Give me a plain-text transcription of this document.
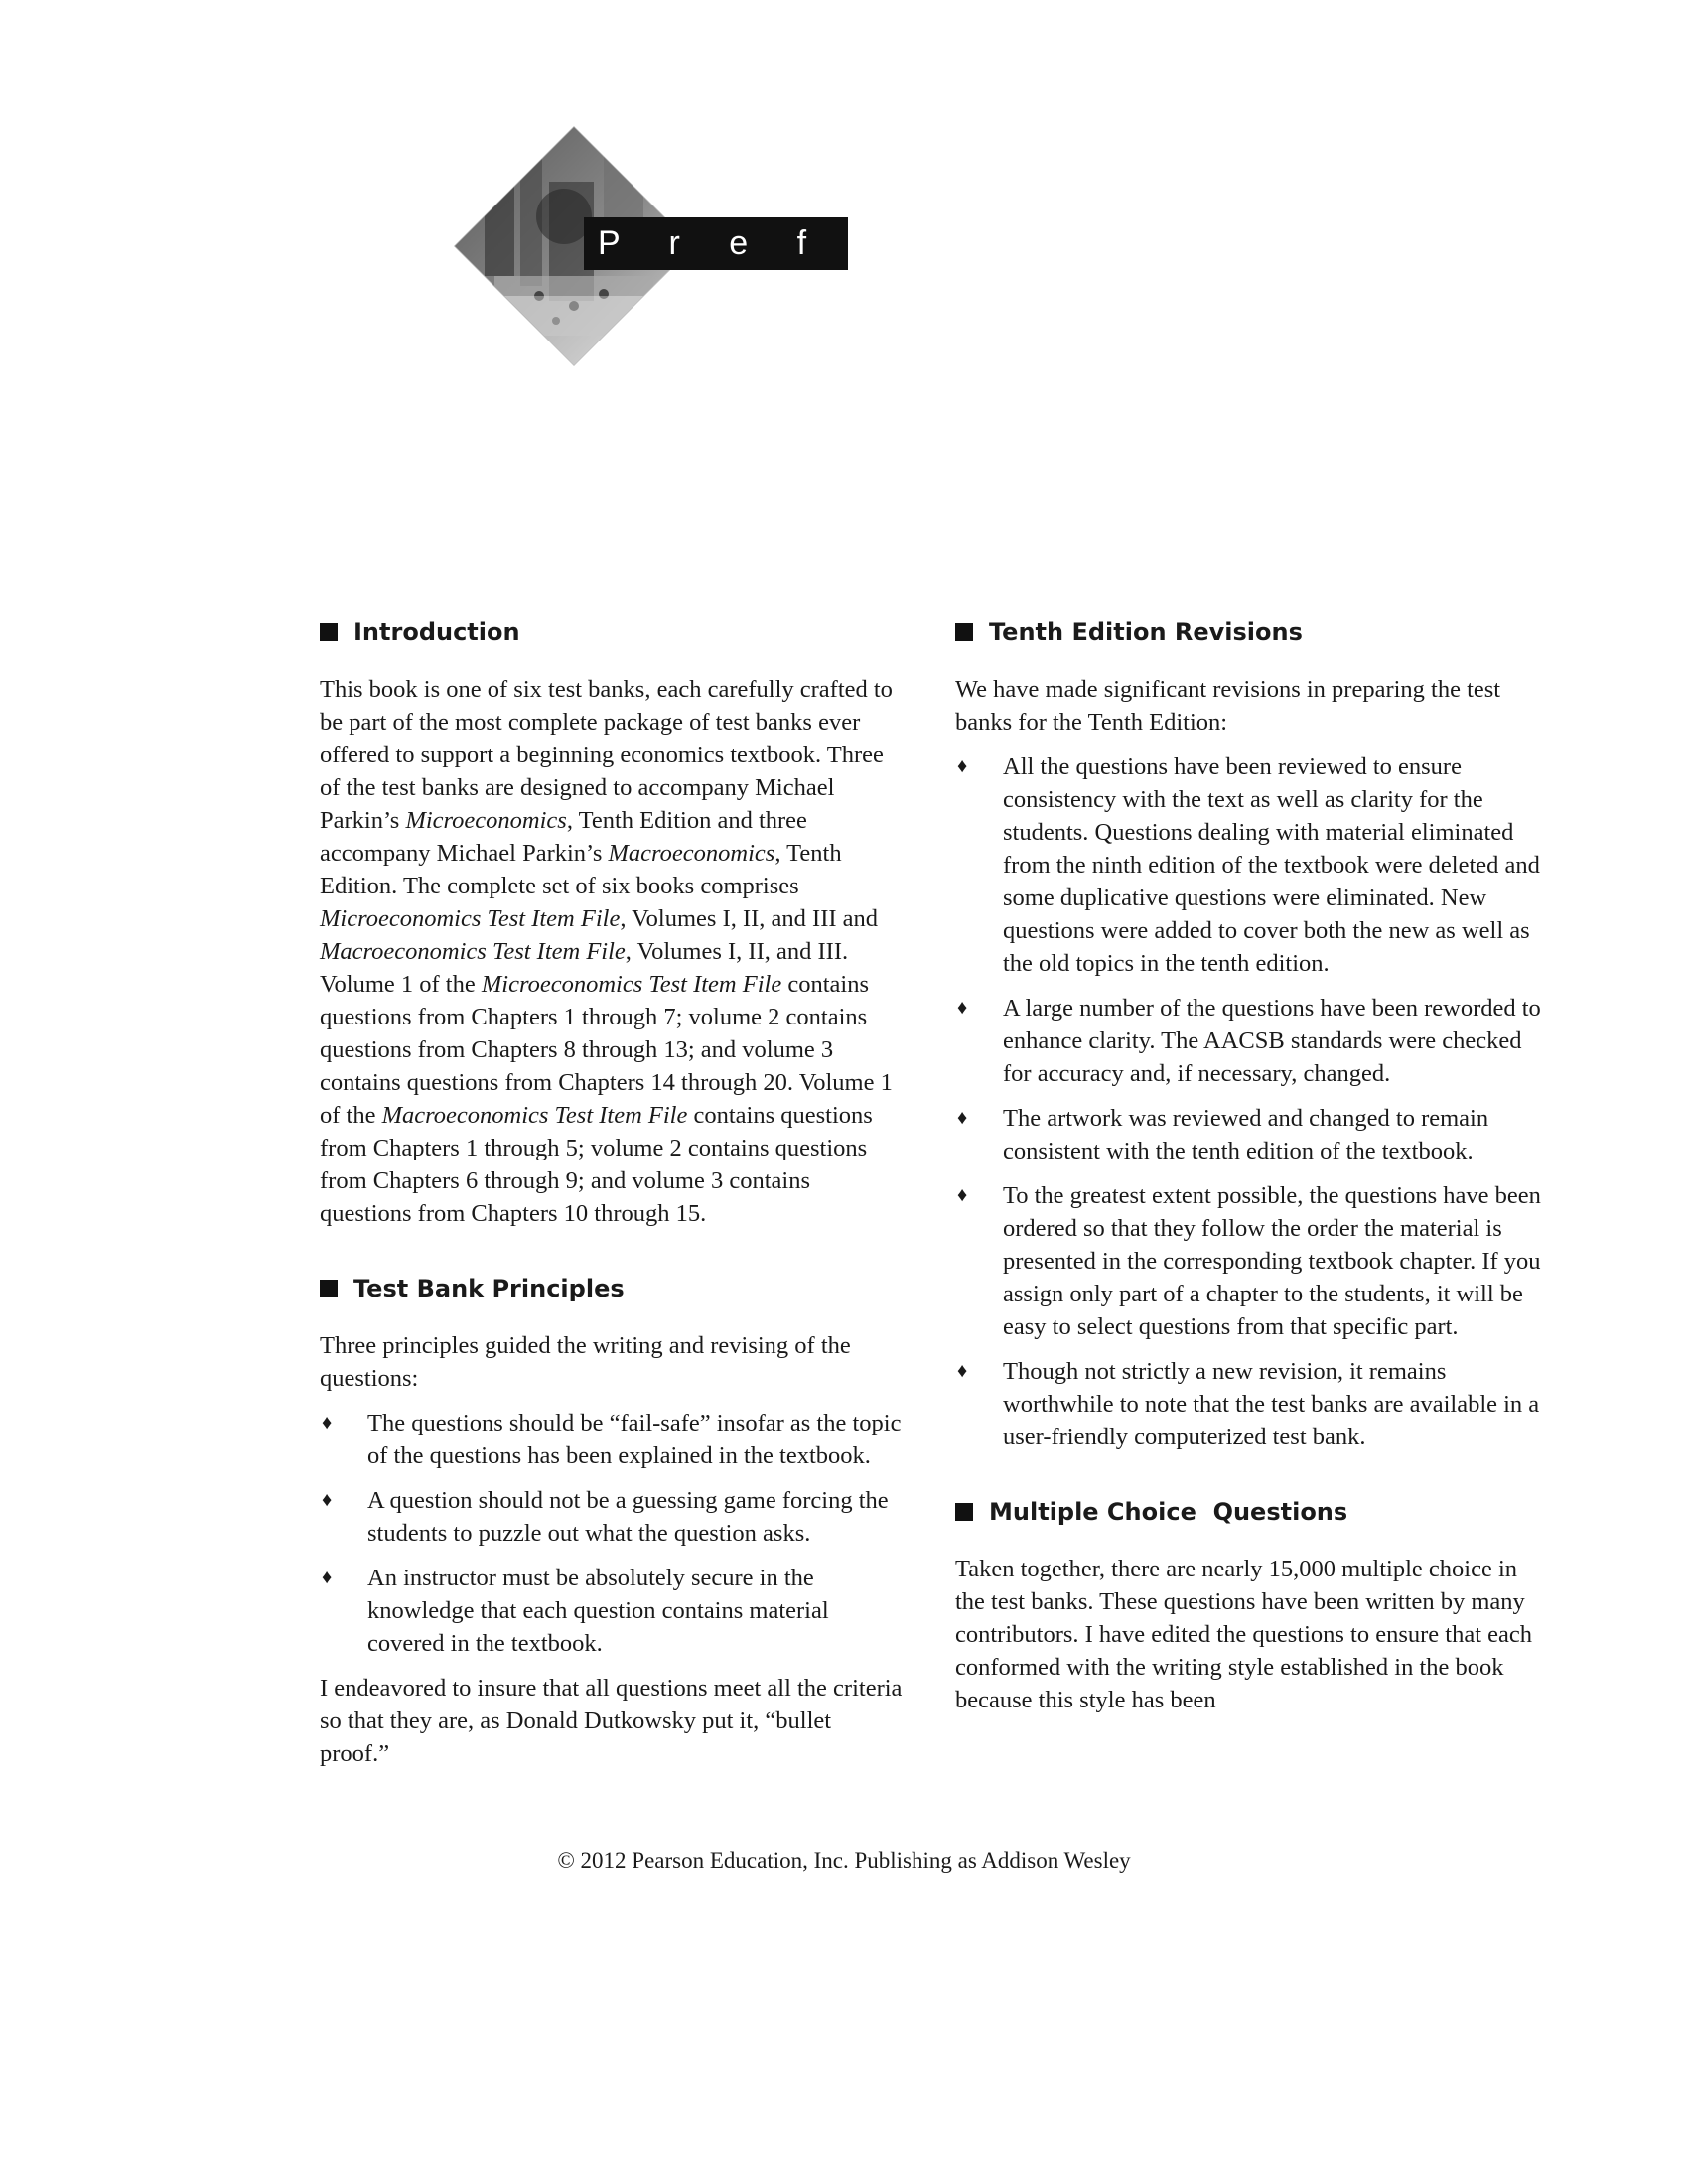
P r e f a c e
Introduction

This book is one of six test banks, each carefully crafted to be part of the most complete package of test banks ever offered to support a beginning economics textbook. Three of the test banks are designed to accompany Michael Parkin’s Microeconomics, Tenth Edition and three accompany Michael Parkin’s Macroeconomics, Tenth Edition. The complete set of six books comprises Microeconomics Test Item File, Volumes I, II, and III and Macroeconomics Test Item File, Volumes I, II, and III. Volume 1 of the Microeconomics Test Item File contains questions from Chapters 1 through 7; volume 2 contains questions from Chapters 8 through 13; and volume 3 contains questions from Chapters 14 through 20. Volume 1 of the Macroeconomics Test Item File contains questions from Chapters 1 through 5; volume 2 contains questions from Chapters 6 through 9; and volume 3 contains questions from Chapters 10 through 15.

Test Bank Principles

Three principles guided the writing and revising of the questions:

♦ The questions should be “fail-safe” insofar as the topic of the questions has been explained in the textbook.
♦ A question should not be a guessing game forcing the students to puzzle out what the question asks.
♦ An instructor must be absolutely secure in the knowledge that each question contains material covered in the textbook.

I endeavored to insure that all questions meet all the criteria so that they are, as Donald Dutkowsky put it, “bullet proof.”

Tenth Edition Revisions

We have made significant revisions in preparing the test banks for the Tenth Edition:

♦ All the questions have been reviewed to ensure consistency with the text as well as clarity for the students. Questions dealing with material eliminated from the ninth edition of the textbook were deleted and some duplicative questions were eliminated. New questions were added to cover both the new as well as the old topics in the tenth edition.
♦ A large number of the questions have been reworded to enhance clarity. The AACSB standards were checked for accuracy and, if necessary, changed.
♦ The artwork was reviewed and changed to remain consistent with the tenth edition of the textbook.
♦ To the greatest extent possible, the questions have been ordered so that they follow the order the material is presented in the corresponding textbook chapter. If you assign only part of a chapter to the students, it will be easy to select questions from that specific part.
♦ Though not strictly a new revision, it remains worthwhile to note that the test banks are available in a user-friendly computerized test bank.
Multiple Choice  Questions

Taken together, there are nearly 15,000 multiple choice in the test banks. These questions have been written by many contributors. I have edited the questions to ensure that each conformed with the writing style established in the book because this style has been

© 2012 Pearson Education, Inc. Publishing as Addison Wesley
